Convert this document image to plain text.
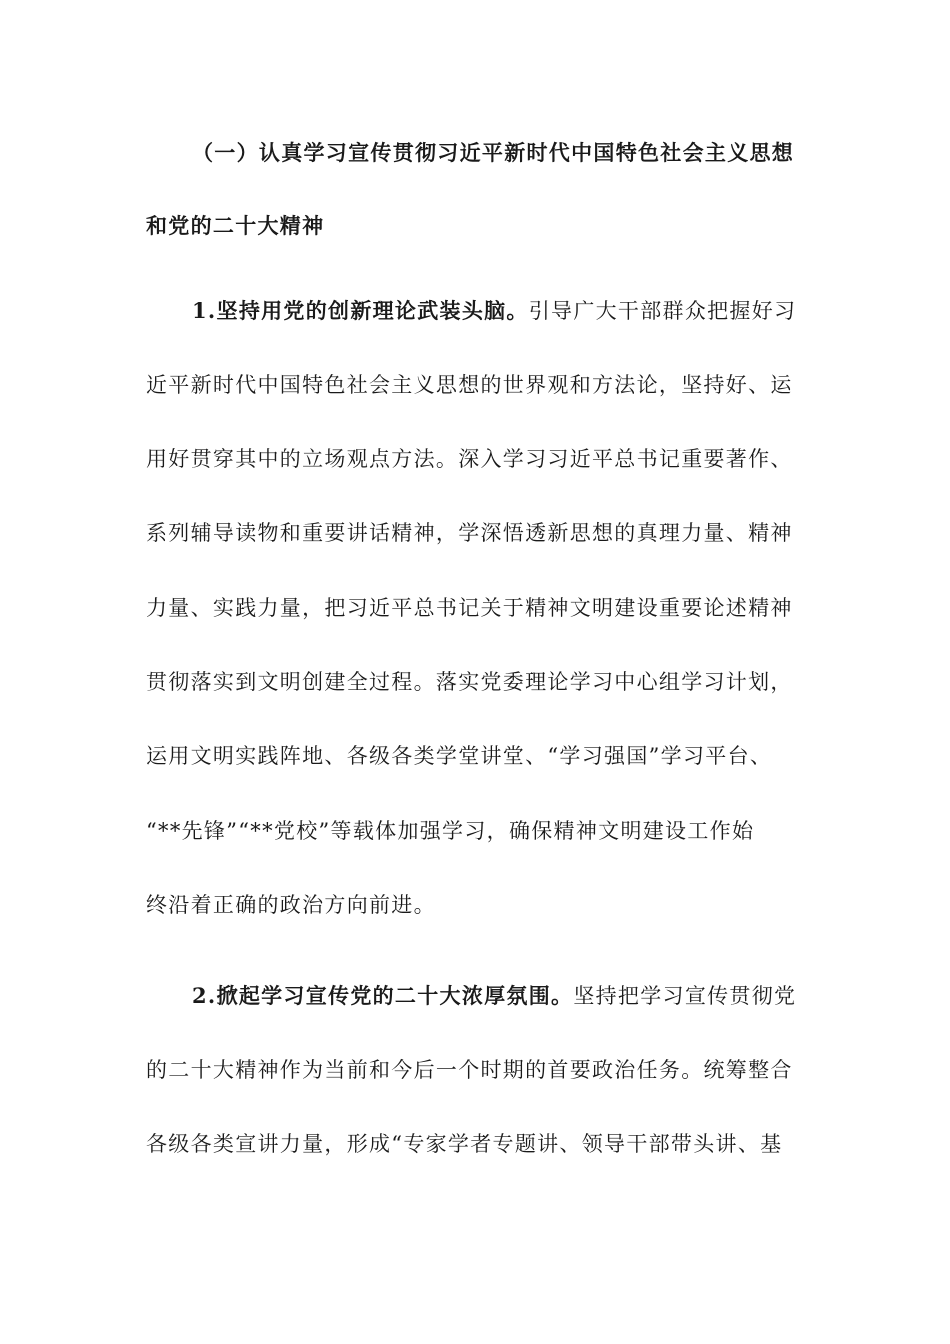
（一）认真学习宣传贯彻习近平新时代中国特色社会主义思想
和党的二十大精神
1.坚持用党的创新理论武装头脑。引导广大干部群众把握好习
近平新时代中国特色社会主义思想的世界观和方法论，坚持好、运
用好贯穿其中的立场观点方法。深入学习习近平总书记重要著作、
系列辅导读物和重要讲话精神，学深悟透新思想的真理力量、精神
力量、实践力量，把习近平总书记关于精神文明建设重要论述精神
贯彻落实到文明创建全过程。落实党委理论学习中心组学习计划，
运用文明实践阵地、各级各类学堂讲堂、“学习强国”学习平台、
“**先锋”“**党校”等载体加强学习，确保精神文明建设工作始
终沿着正确的政治方向前进。
2.掀起学习宣传党的二十大浓厚氛围。坚持把学习宣传贯彻党
的二十大精神作为当前和今后一个时期的首要政治任务。统筹整合
各级各类宣讲力量，形成“专家学者专题讲、领导干部带头讲、基
